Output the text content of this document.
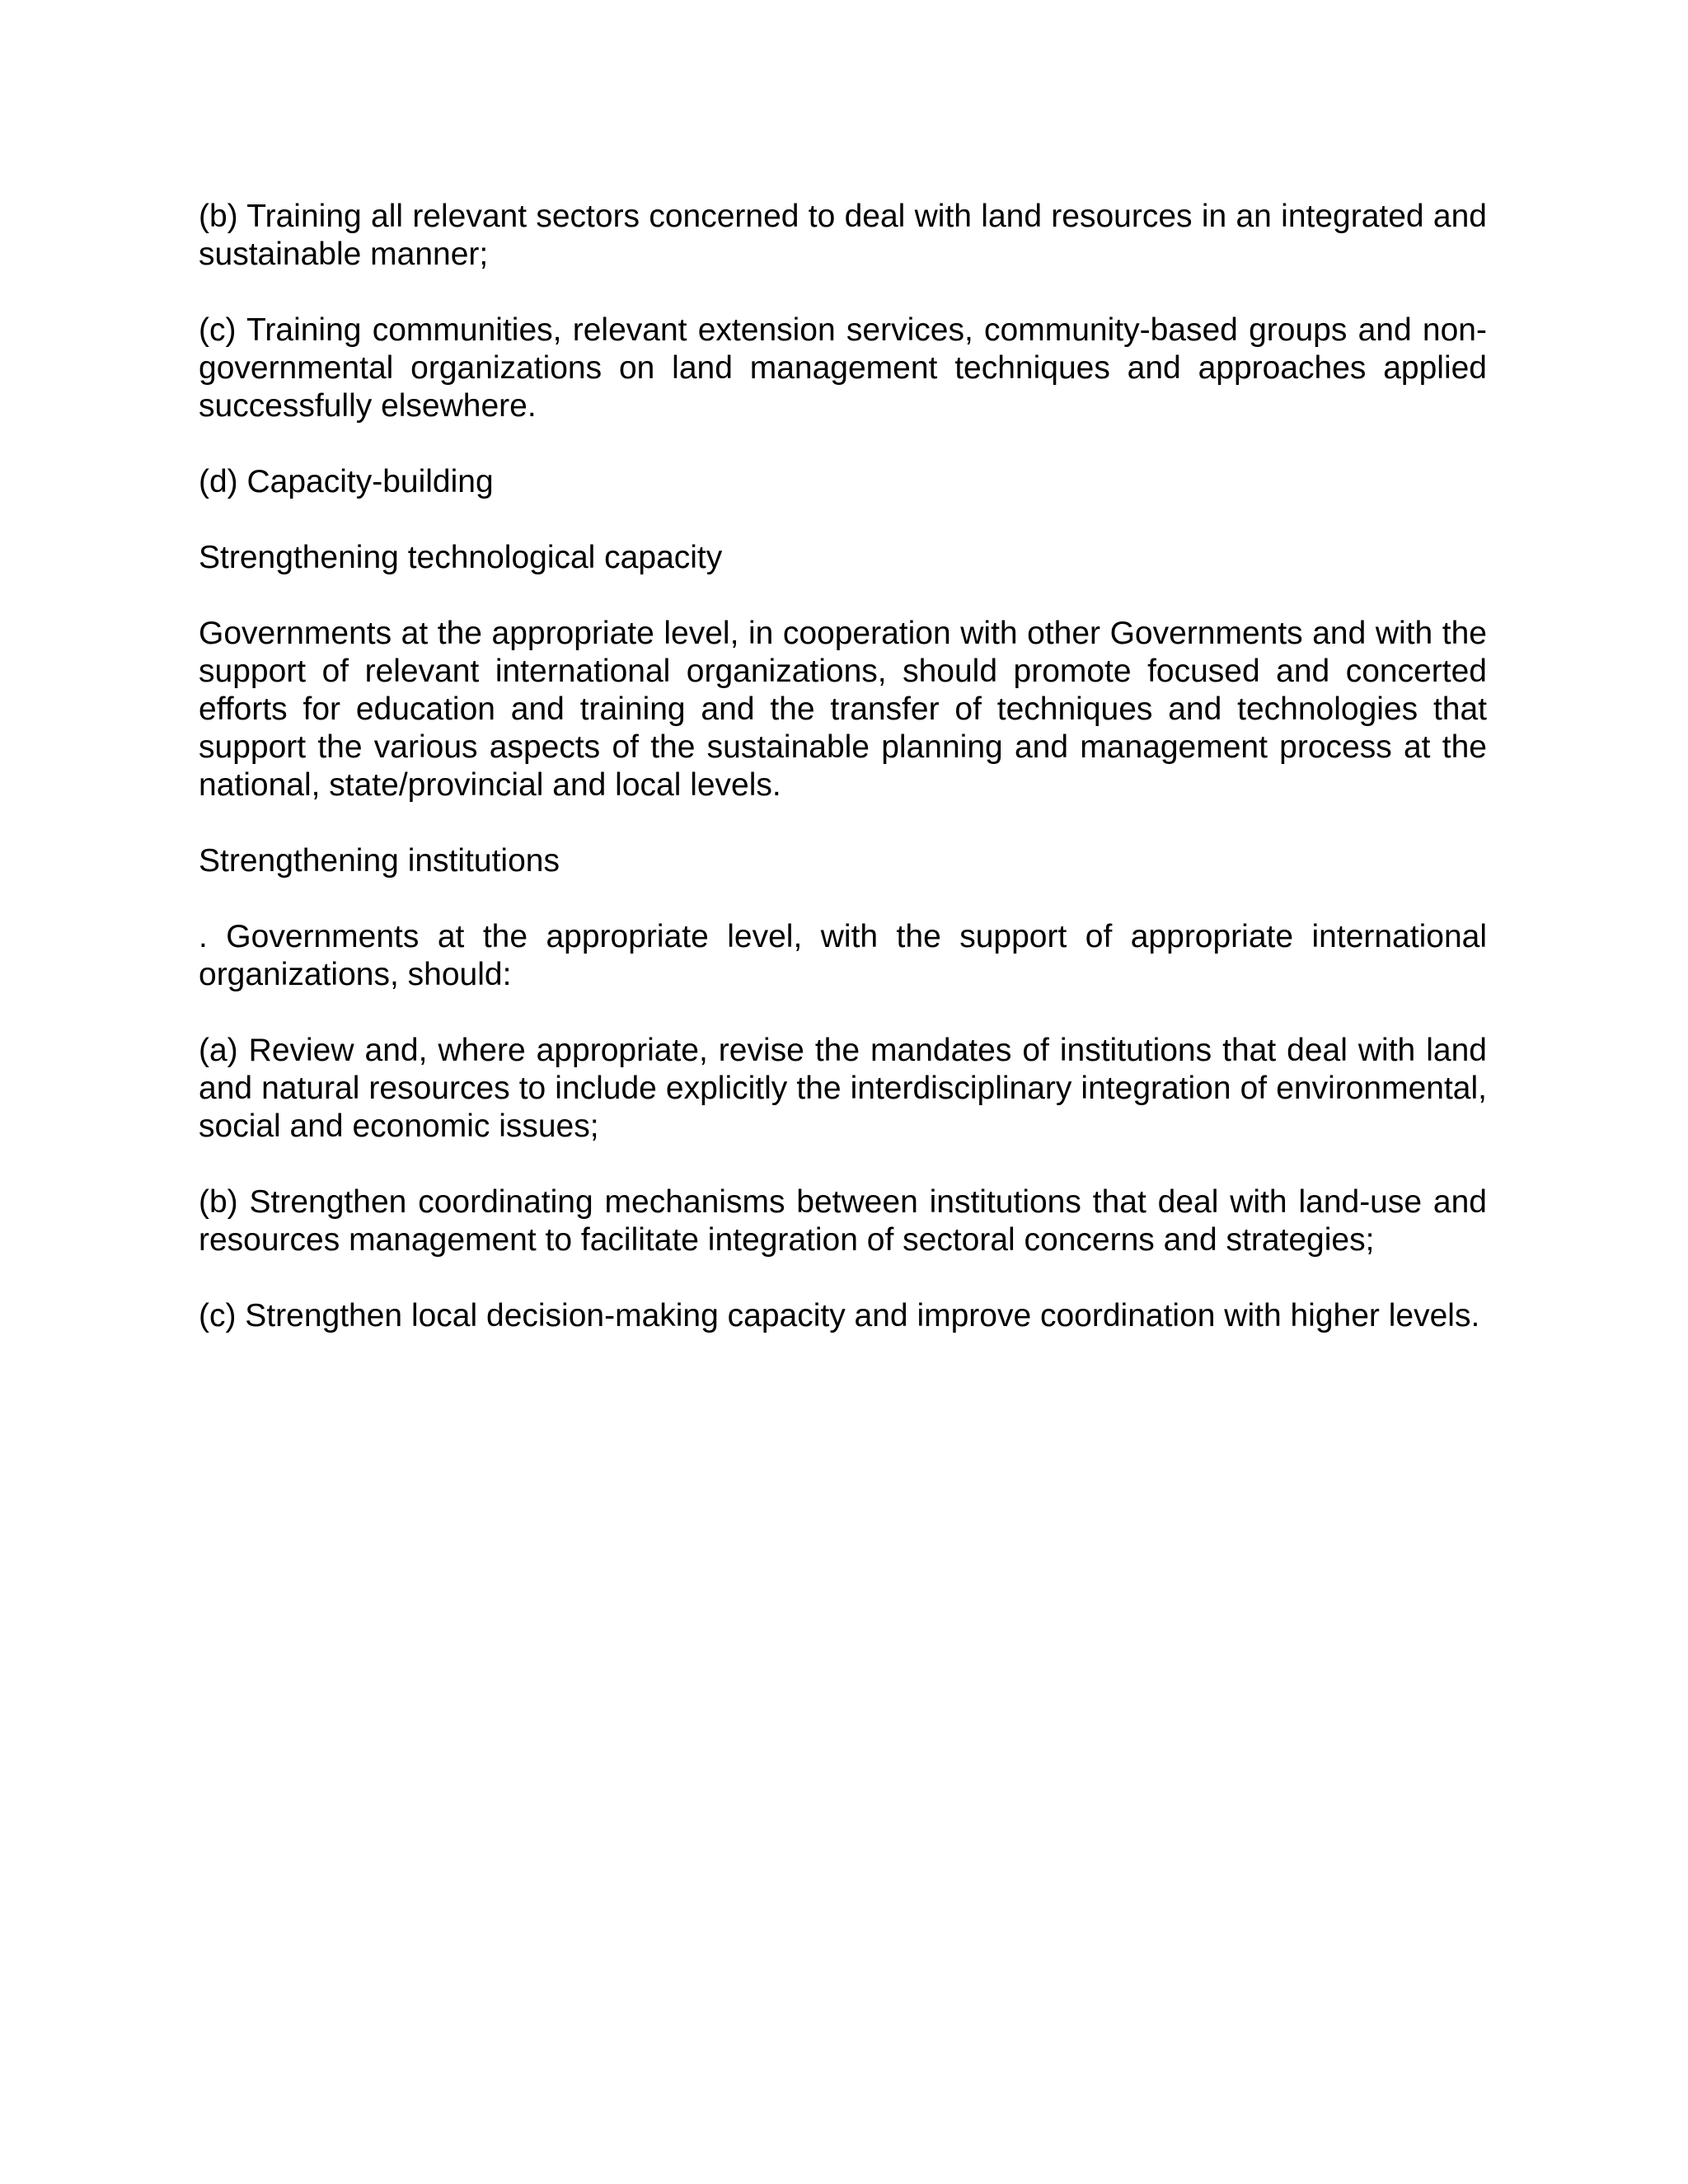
(b) Training all relevant sectors concerned to deal with land resources in an integrated and sustainable manner;

(c) Training communities, relevant extension services, community-based groups and non-governmental organizations on land management techniques and approaches applied successfully elsewhere.

(d) Capacity-building

Strengthening technological capacity

Governments at the appropriate level, in cooperation with other Governments and with the support of relevant international organizations, should promote focused and concerted efforts for education and training and the transfer of techniques and technologies that support the various aspects of the sustainable planning and management process at the national, state/provincial and local levels.

Strengthening institutions

. Governments at the appropriate level, with the support of appropriate international organizations, should:

(a) Review and, where appropriate, revise the mandates of institutions that deal with land and natural resources to include explicitly the interdisciplinary integration of environmental, social and economic issues;

(b) Strengthen coordinating mechanisms between institutions that deal with land-use and resources management to facilitate integration of sectoral concerns and strategies;

(c) Strengthen local decision-making capacity and improve coordination with higher levels.
